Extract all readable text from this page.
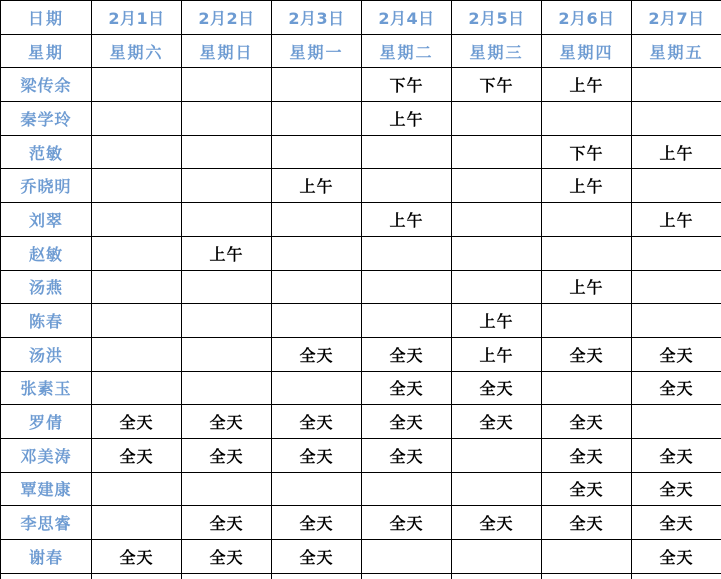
日期	2月1日	2月2日	2月3日	2月4日	2月5日	2月6日	2月7日
星期	星期六	星期日	星期一	星期二	星期三	星期四	星期五
梁传余				下午	下午	上午	
秦学玲				上午			
范敏						下午	上午
乔晓明			上午			上午	
刘翠				上午			上午
赵敏		上午					
汤燕						上午	
陈春					上午		
汤洪			全天	全天	上午	全天	全天
张素玉				全天	全天		全天
罗倩	全天	全天	全天	全天	全天	全天	
邓美涛	全天	全天	全天	全天		全天	全天
覃建康						全天	全天
李思睿		全天	全天	全天	全天	全天	全天
谢春	全天	全天	全天				全天
